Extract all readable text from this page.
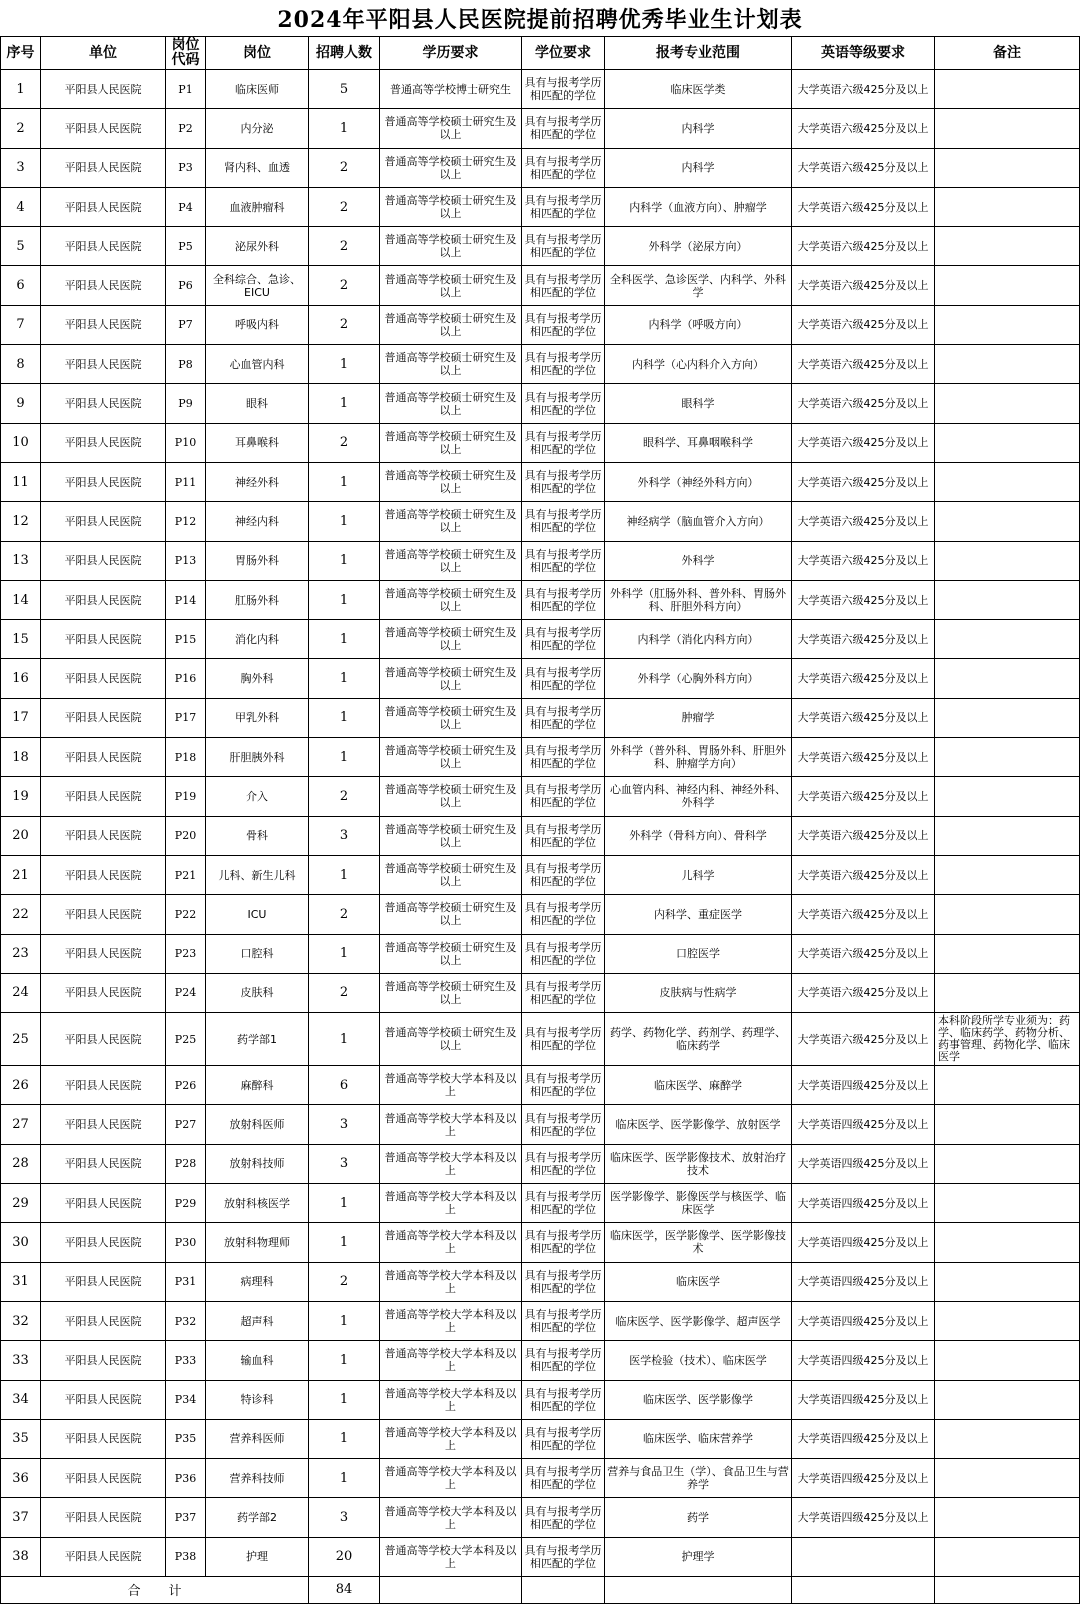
2024年平阳县人民医院提前招聘优秀毕业生计划表
序号	单位	岗位代码	岗位	招聘人数	学历要求	学位要求	报考专业范围	英语等级要求	备注
1	平阳县人民医院	P1	临床医师	5	普通高等学校博士研究生	具有与报考学历相匹配的学位	临床医学类	大学英语六级425分及以上	
2	平阳县人民医院	P2	内分泌	1	普通高等学校硕士研究生及以上	具有与报考学历相匹配的学位	内科学	大学英语六级425分及以上	
3	平阳县人民医院	P3	肾内科、血透	2	普通高等学校硕士研究生及以上	具有与报考学历相匹配的学位	内科学	大学英语六级425分及以上	
4	平阳县人民医院	P4	血液肿瘤科	2	普通高等学校硕士研究生及以上	具有与报考学历相匹配的学位	内科学（血液方向）、肿瘤学	大学英语六级425分及以上	
5	平阳县人民医院	P5	泌尿外科	2	普通高等学校硕士研究生及以上	具有与报考学历相匹配的学位	外科学（泌尿方向）	大学英语六级425分及以上	
6	平阳县人民医院	P6	全科综合、急诊、EICU	2	普通高等学校硕士研究生及以上	具有与报考学历相匹配的学位	全科医学、急诊医学、内科学、外科学	大学英语六级425分及以上	
7	平阳县人民医院	P7	呼吸内科	2	普通高等学校硕士研究生及以上	具有与报考学历相匹配的学位	内科学（呼吸方向）	大学英语六级425分及以上	
8	平阳县人民医院	P8	心血管内科	1	普通高等学校硕士研究生及以上	具有与报考学历相匹配的学位	内科学（心内科介入方向）	大学英语六级425分及以上	
9	平阳县人民医院	P9	眼科	1	普通高等学校硕士研究生及以上	具有与报考学历相匹配的学位	眼科学	大学英语六级425分及以上	
10	平阳县人民医院	P10	耳鼻喉科	2	普通高等学校硕士研究生及以上	具有与报考学历相匹配的学位	眼科学、耳鼻咽喉科学	大学英语六级425分及以上	
11	平阳县人民医院	P11	神经外科	1	普通高等学校硕士研究生及以上	具有与报考学历相匹配的学位	外科学（神经外科方向）	大学英语六级425分及以上	
12	平阳县人民医院	P12	神经内科	1	普通高等学校硕士研究生及以上	具有与报考学历相匹配的学位	神经病学（脑血管介入方向）	大学英语六级425分及以上	
13	平阳县人民医院	P13	胃肠外科	1	普通高等学校硕士研究生及以上	具有与报考学历相匹配的学位	外科学	大学英语六级425分及以上	
14	平阳县人民医院	P14	肛肠外科	1	普通高等学校硕士研究生及以上	具有与报考学历相匹配的学位	外科学（肛肠外科、普外科、胃肠外科、肝胆外科方向）	大学英语六级425分及以上	
15	平阳县人民医院	P15	消化内科	1	普通高等学校硕士研究生及以上	具有与报考学历相匹配的学位	内科学（消化内科方向）	大学英语六级425分及以上	
16	平阳县人民医院	P16	胸外科	1	普通高等学校硕士研究生及以上	具有与报考学历相匹配的学位	外科学（心胸外科方向）	大学英语六级425分及以上	
17	平阳县人民医院	P17	甲乳外科	1	普通高等学校硕士研究生及以上	具有与报考学历相匹配的学位	肿瘤学	大学英语六级425分及以上	
18	平阳县人民医院	P18	肝胆胰外科	1	普通高等学校硕士研究生及以上	具有与报考学历相匹配的学位	外科学（普外科、胃肠外科、肝胆外科、肿瘤学方向）	大学英语六级425分及以上	
19	平阳县人民医院	P19	介入	2	普通高等学校硕士研究生及以上	具有与报考学历相匹配的学位	心血管内科、神经内科、神经外科、外科学	大学英语六级425分及以上	
20	平阳县人民医院	P20	骨科	3	普通高等学校硕士研究生及以上	具有与报考学历相匹配的学位	外科学（骨科方向）、骨科学	大学英语六级425分及以上	
21	平阳县人民医院	P21	儿科、新生儿科	1	普通高等学校硕士研究生及以上	具有与报考学历相匹配的学位	儿科学	大学英语六级425分及以上	
22	平阳县人民医院	P22	ICU	2	普通高等学校硕士研究生及以上	具有与报考学历相匹配的学位	内科学、重症医学	大学英语六级425分及以上	
23	平阳县人民医院	P23	口腔科	1	普通高等学校硕士研究生及以上	具有与报考学历相匹配的学位	口腔医学	大学英语六级425分及以上	
24	平阳县人民医院	P24	皮肤科	2	普通高等学校硕士研究生及以上	具有与报考学历相匹配的学位	皮肤病与性病学	大学英语六级425分及以上	
25	平阳县人民医院	P25	药学部1	1	普通高等学校硕士研究生及以上	具有与报考学历相匹配的学位	药学、药物化学、药剂学、药理学、临床药学	大学英语六级425分及以上	本科阶段所学专业须为：药学、临床药学、药物分析、药事管理、药物化学、临床医学
26	平阳县人民医院	P26	麻醉科	6	普通高等学校大学本科及以上	具有与报考学历相匹配的学位	临床医学、麻醉学	大学英语四级425分及以上	
27	平阳县人民医院	P27	放射科医师	3	普通高等学校大学本科及以上	具有与报考学历相匹配的学位	临床医学、医学影像学、放射医学	大学英语四级425分及以上	
28	平阳县人民医院	P28	放射科技师	3	普通高等学校大学本科及以上	具有与报考学历相匹配的学位	临床医学、医学影像技术、放射治疗技术	大学英语四级425分及以上	
29	平阳县人民医院	P29	放射科核医学	1	普通高等学校大学本科及以上	具有与报考学历相匹配的学位	医学影像学、影像医学与核医学、临床医学	大学英语四级425分及以上	
30	平阳县人民医院	P30	放射科物理师	1	普通高等学校大学本科及以上	具有与报考学历相匹配的学位	临床医学，医学影像学、医学影像技术	大学英语四级425分及以上	
31	平阳县人民医院	P31	病理科	2	普通高等学校大学本科及以上	具有与报考学历相匹配的学位	临床医学	大学英语四级425分及以上	
32	平阳县人民医院	P32	超声科	1	普通高等学校大学本科及以上	具有与报考学历相匹配的学位	临床医学、医学影像学、超声医学	大学英语四级425分及以上	
33	平阳县人民医院	P33	输血科	1	普通高等学校大学本科及以上	具有与报考学历相匹配的学位	医学检验（技术）、临床医学	大学英语四级425分及以上	
34	平阳县人民医院	P34	特诊科	1	普通高等学校大学本科及以上	具有与报考学历相匹配的学位	临床医学、医学影像学	大学英语四级425分及以上	
35	平阳县人民医院	P35	营养科医师	1	普通高等学校大学本科及以上	具有与报考学历相匹配的学位	临床医学、临床营养学	大学英语四级425分及以上	
36	平阳县人民医院	P36	营养科技师	1	普通高等学校大学本科及以上	具有与报考学历相匹配的学位	营养与食品卫生（学）、食品卫生与营养学	大学英语四级425分及以上	
37	平阳县人民医院	P37	药学部2	3	普通高等学校大学本科及以上	具有与报考学历相匹配的学位	药学	大学英语四级425分及以上	
38	平阳县人民医院	P38	护理	20	普通高等学校大学本科及以上	具有与报考学历相匹配的学位	护理学		
合计				84					
